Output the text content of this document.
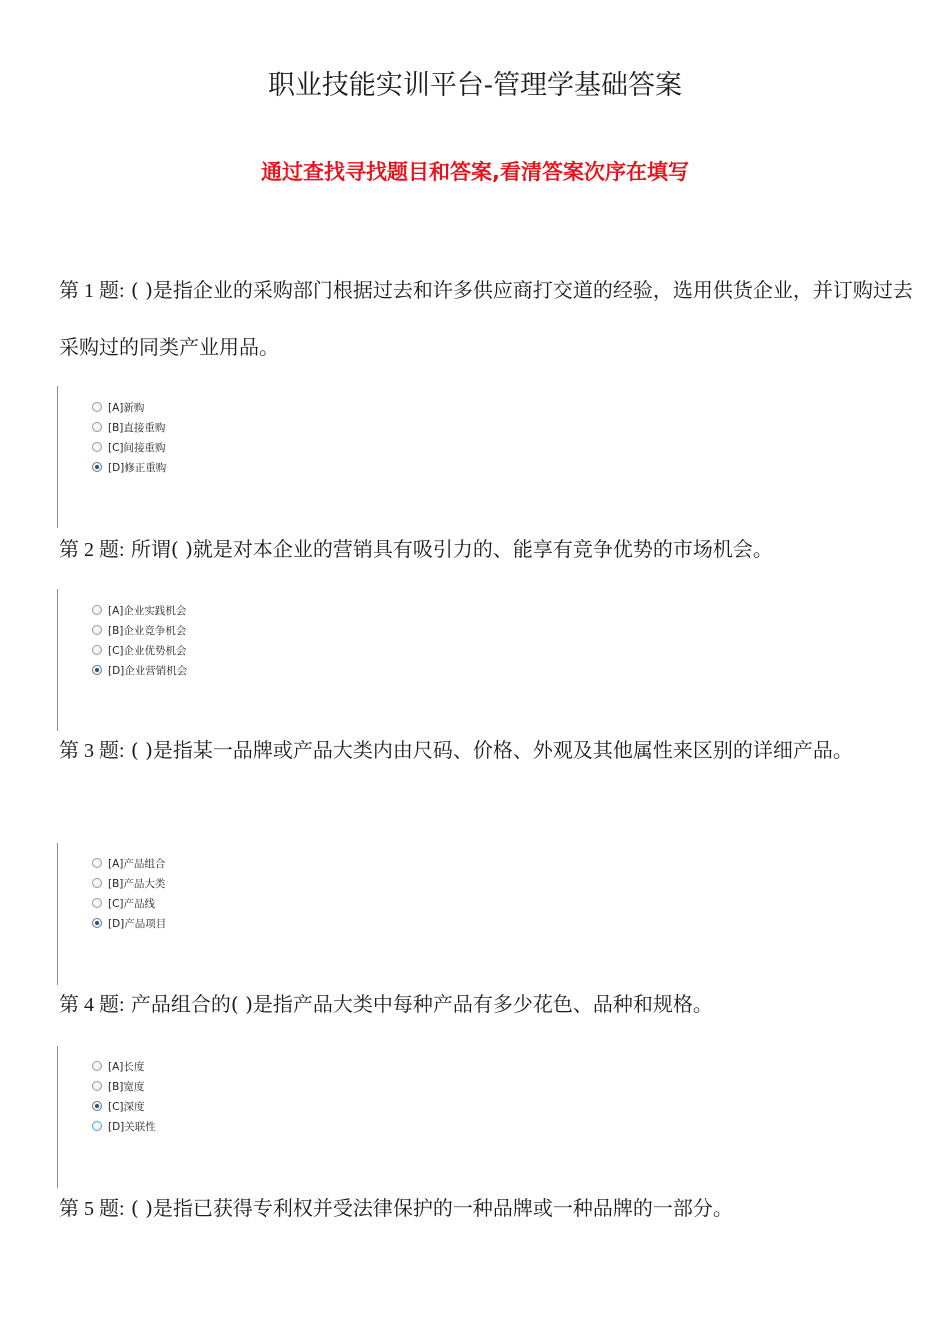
职业技能实训平台-管理学基础答案
通过查找寻找题目和答案,看清答案次序在填写

第 1 题: ( )是指企业的采购部门根据过去和许多供应商打交道的经验，选用供货企业，并订购过去采购过的同类产业用品。

[A]新购
[B]直接重购
[C]间接重购
[D]修正重购

第 2 题: 所谓( )就是对本企业的营销具有吸引力的、能享有竞争优势的市场机会。

[A]企业实践机会
[B]企业竞争机会
[C]企业优势机会
[D]企业营销机会

第 3 题: ( )是指某一品牌或产品大类内由尺码、价格、外观及其他属性来区别的详细产品。

[A]产品组合
[B]产品大类
[C]产品线
[D]产品项目

第 4 题: 产品组合的( )是指产品大类中每种产品有多少花色、品种和规格。

[A]长度
[B]宽度
[C]深度
[D]关联性

第 5 题: ( )是指已获得专利权并受法律保护的一种品牌或一种品牌的一部分。
